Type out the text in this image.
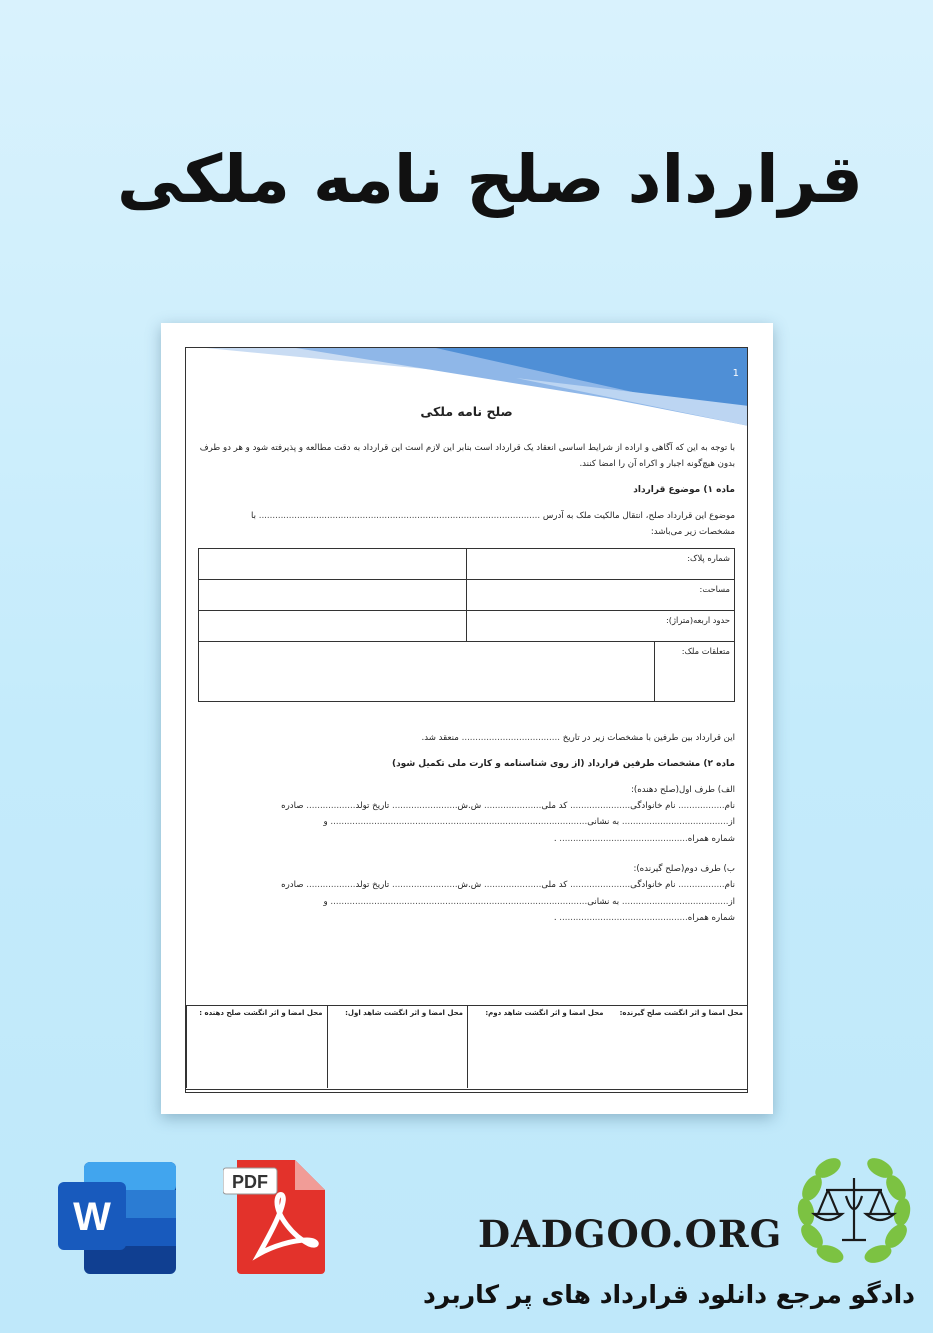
قرارداد صلح نامه ملکی
1
صلح نامه ملکی

با توجه به این که آگاهی و اراده از شرایط اساسی انعقاد یک قرارداد است بنابر این لازم است این قرارداد به دقت مطالعه و پذیرفته شود و هر دو طرف بدون هیچ‌گونه اجبار و اکراه آن را امضا کنند.

ماده ۱) موضوع قرارداد

موضوع این قرارداد صلح، انتقال مالکیت ملک به آدرس ....................................................................................................... با

مشخصات زیر می‌باشد:

شماره پلاک:	
مساحت:	
حدود اربعه(متراژ):	
متعلقات ملک:	

این قرارداد بین طرفین با مشخصات زیر در تاریخ .................................... منعقد شد.

ماده ۲) مشخصات طرفین قرارداد (از روی شناسنامه و کارت ملی تکمیل شود)

الف) طرف اول(صلح دهنده):

نام................. نام خانوادگی...................... کد ملی..................... ش.ش........................ تاریخ تولد.................. صادره

از....................................... به نشانی.............................................................................................. و

شماره همراه............................................... .

ب) طرف دوم(صلح گیرنده):

نام................. نام خانوادگی...................... کد ملی..................... ش.ش........................ تاریخ تولد.................. صادره

از....................................... به نشانی.............................................................................................. و

شماره همراه............................................... .

محل امضا و اثر انگشت صلح دهنده :	محل امضا و اثر انگشت شاهد اول:	محل امضا و اثر انگشت شاهد دوم:	محل امضا و اثر انگشت صلح گیرنده:
W
PDF
DADGOO.ORG
دادگو مرجع دانلود قرارداد های پر کاربرد
